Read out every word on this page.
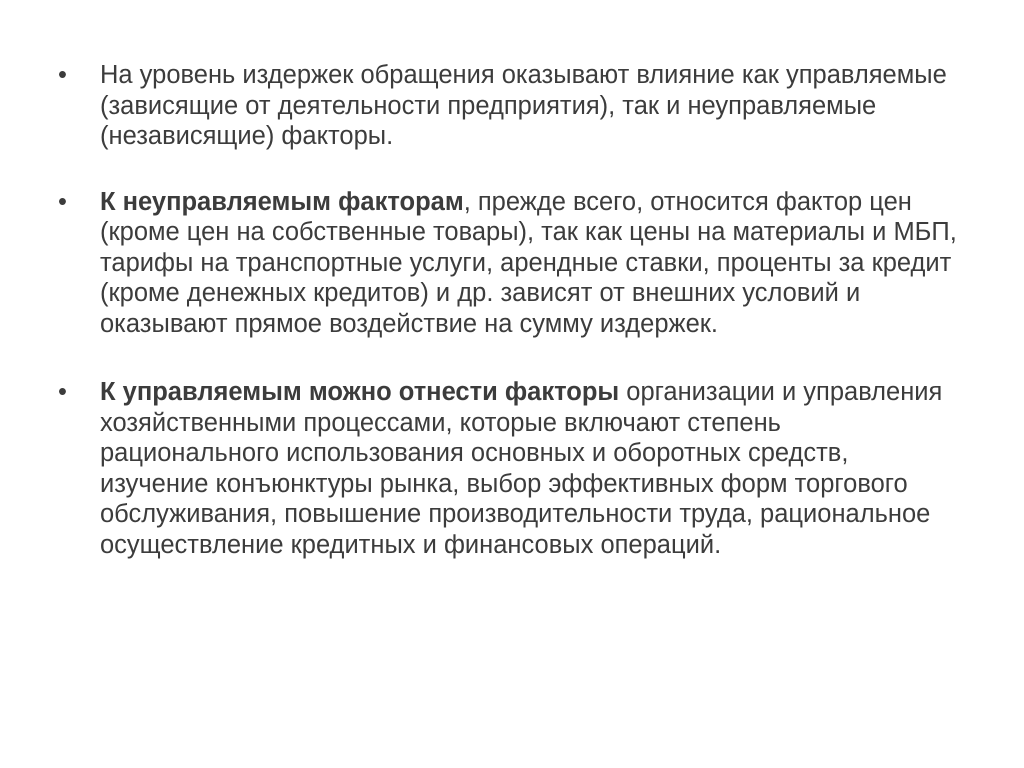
•	На уровень издержек обращения оказывают влияние как управляемые (зависящие от деятельности предприятия), так и неуправляемые (независящие) факторы.
•	К неуправляемым факторам, прежде всего, относится фактор цен (кроме цен на собственные товары), так как цены на материалы и МБП, тарифы на транспортные услуги, арендные ставки, проценты за кредит (кроме денежных кредитов) и др. зависят от внешних условий и оказывают прямое воздействие на сумму издержек.
•	К управляемым можно отнести факторы организации и управления хозяйственными процессами, которые включают степень рационального использования основных и оборотных средств, изучение конъюнктуры рынка, выбор эффективных форм торгового обслуживания, повышение производительности труда, рациональное осуществление кредитных и финансовых операций.
